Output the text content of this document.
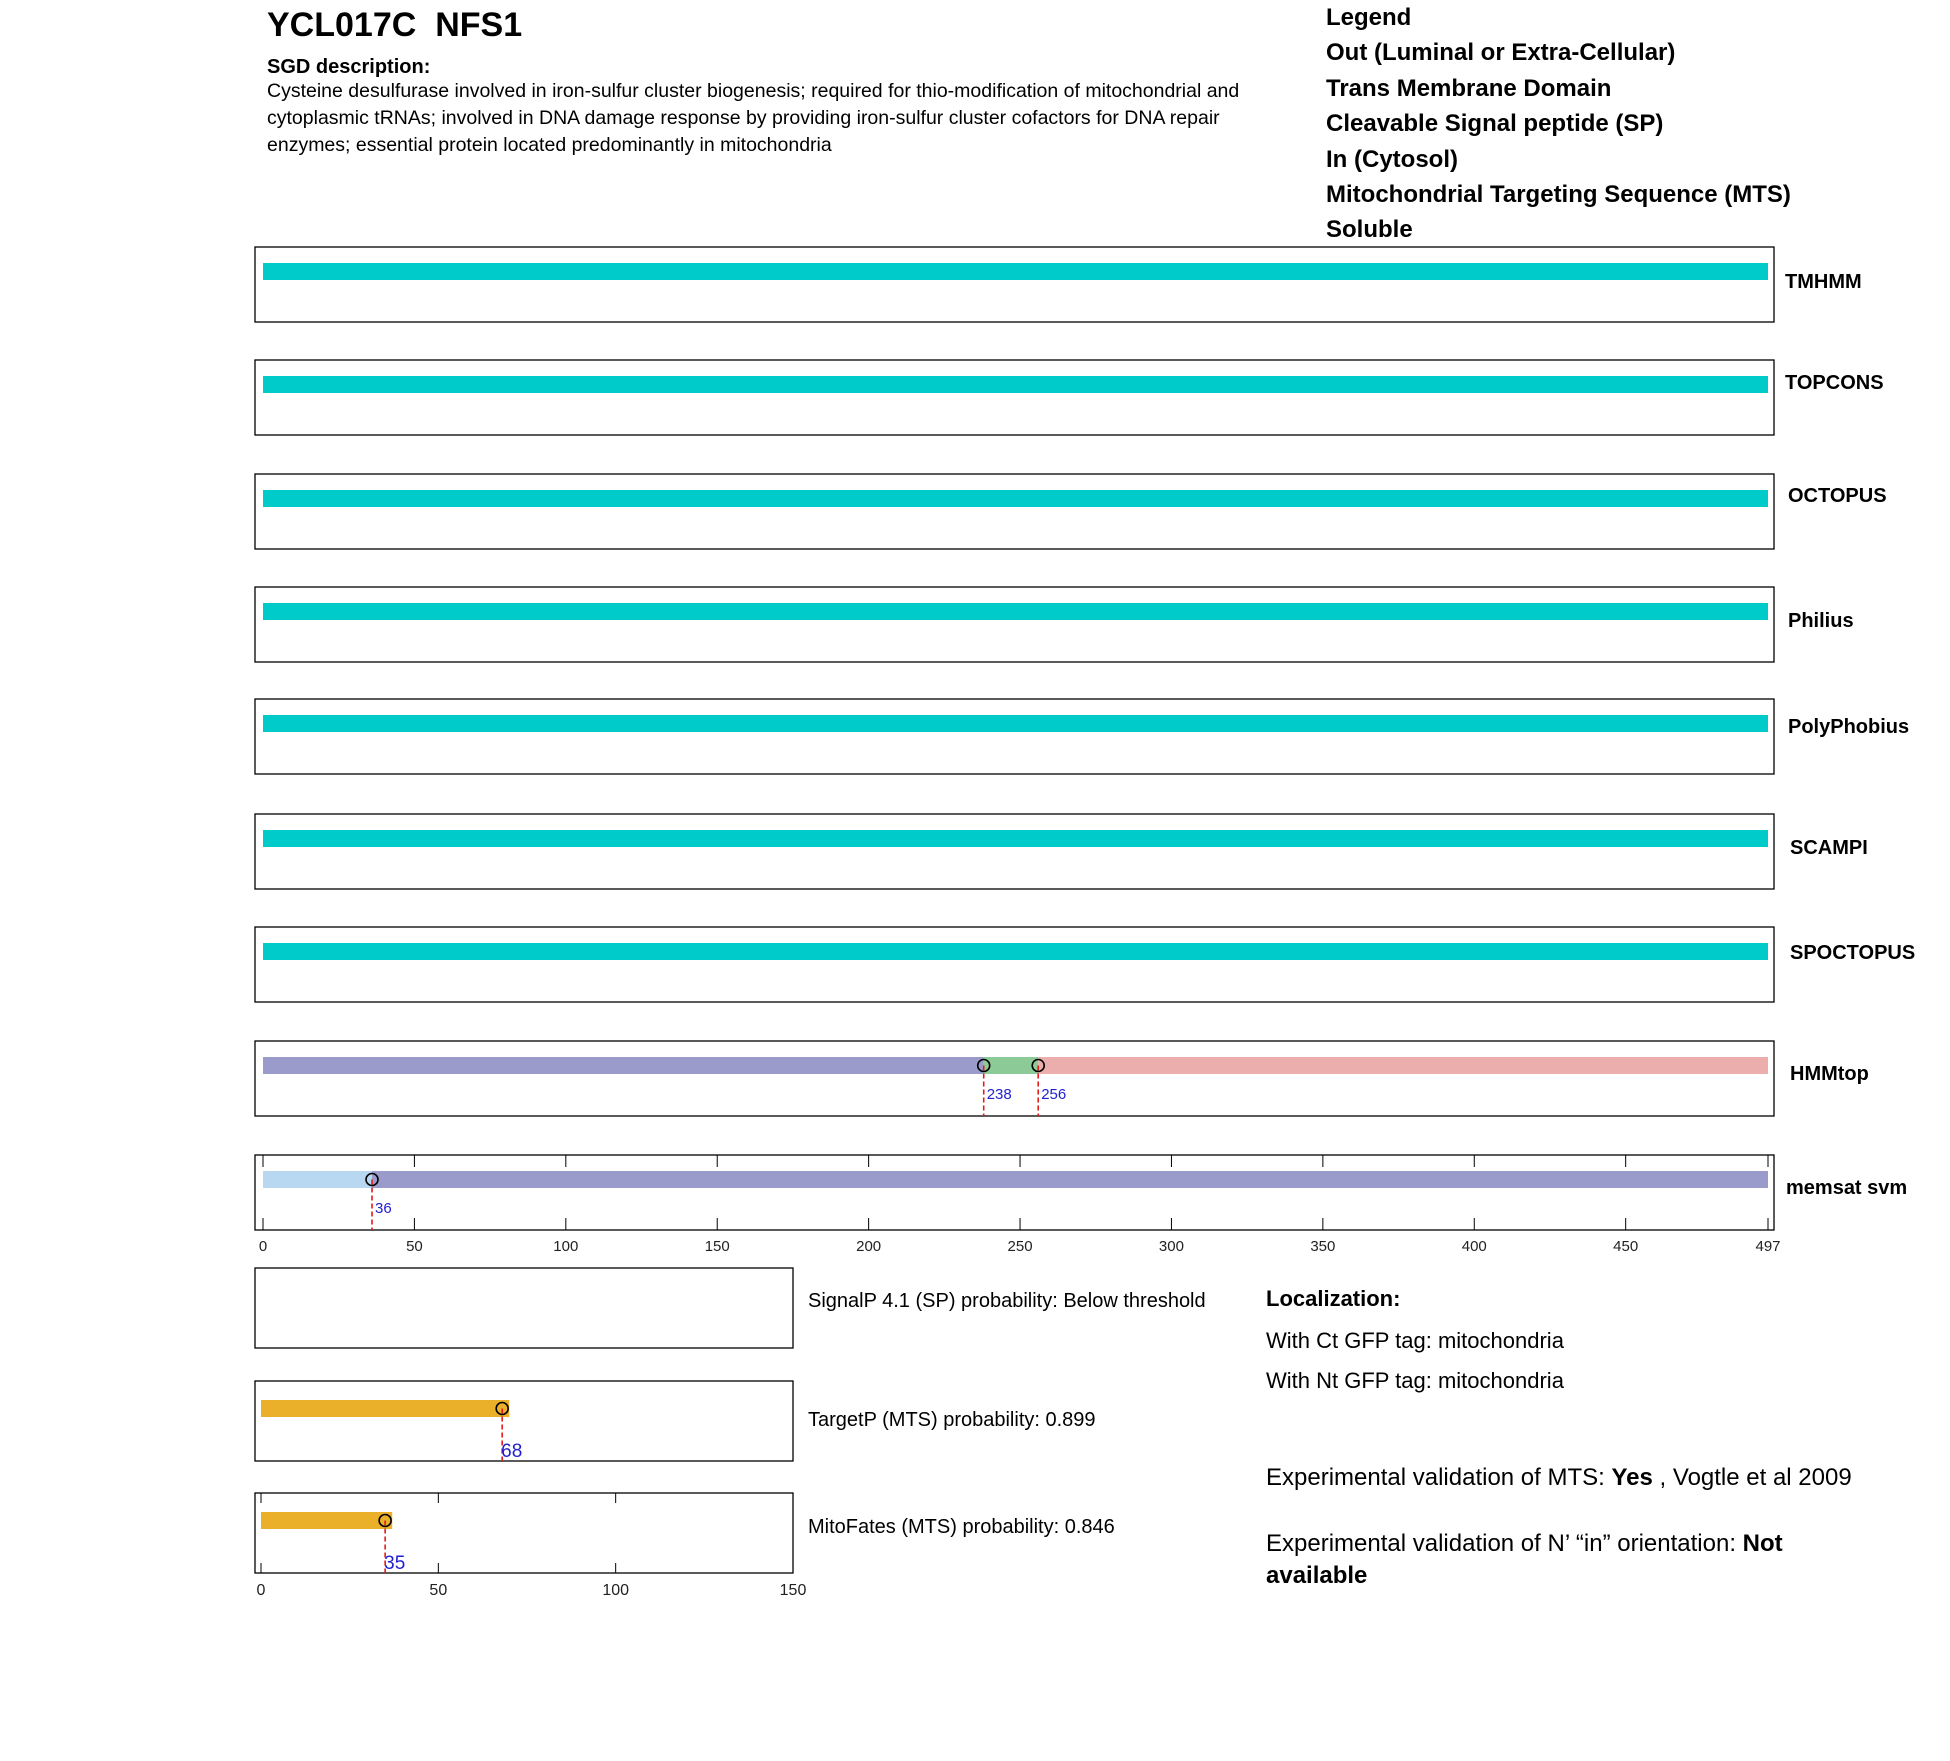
YCL017C NFS1
SGD description:
Cysteine desulfurase involved in iron-sulfur cluster biogenesis; required for thio-modification of mitochondrial and cytoplasmic tRNAs; involved in DNA damage response by providing iron-sulfur cluster cofactors for DNA repair enzymes; essential protein located predominantly in mitochondria
Legend
Out (Luminal or Extra-Cellular)
Trans Membrane Domain
Cleavable Signal peptide (SP)
In (Cytosol)
Mitochondrial Targeting Sequence (MTS)
Soluble
TMHMM
TOPCONS
OCTOPUS
Philius
PolyPhobius
SCAMPI
SPOCTOPUS
HMMtop
memsat svm
SignalP 4.1 (SP) probability: Below threshold
TargetP (MTS) probability: 0.899
MitoFates (MTS) probability: 0.846
Localization:
With Ct GFP tag: mitochondria
With Nt GFP tag: mitochondria
Experimental validation of MTS: Yes , Vogtle et al 2009
Experimental validation of N’ “in” orientation: Not
available
238 256
36
0	50	100	150	200	250	300	350	400	450	497
68
35
0	50	100	150
